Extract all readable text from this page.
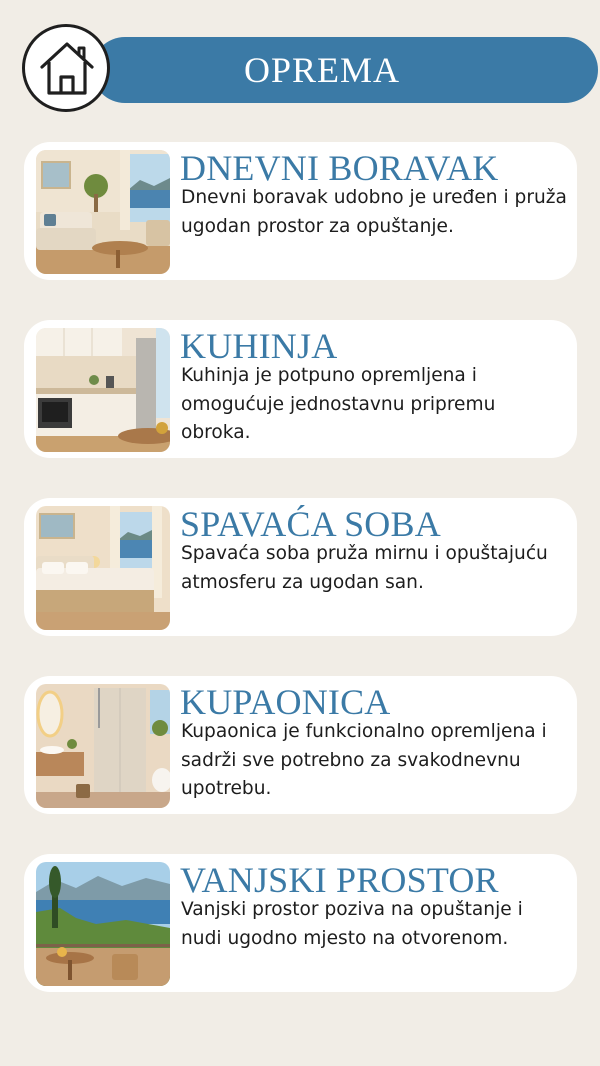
OPREMA
DNEVNI BORAVAK
Dnevni boravak udobno je uređen i pruža ugodan prostor za opuštanje.
KUHINJA
Kuhinja je potpuno opremljena i omogućuje jednostavnu pripremu obroka.
SPAVAĆA SOBA
Spavaća soba pruža mirnu i opuštajuću atmosferu za ugodan san.
KUPAONICA
Kupaonica je funkcionalno opremljena i sadrži sve potrebno za svakodnevnu upotrebu.
VANJSKI PROSTOR
Vanjski prostor poziva na opuštanje i nudi ugodno mjesto na otvorenom.
